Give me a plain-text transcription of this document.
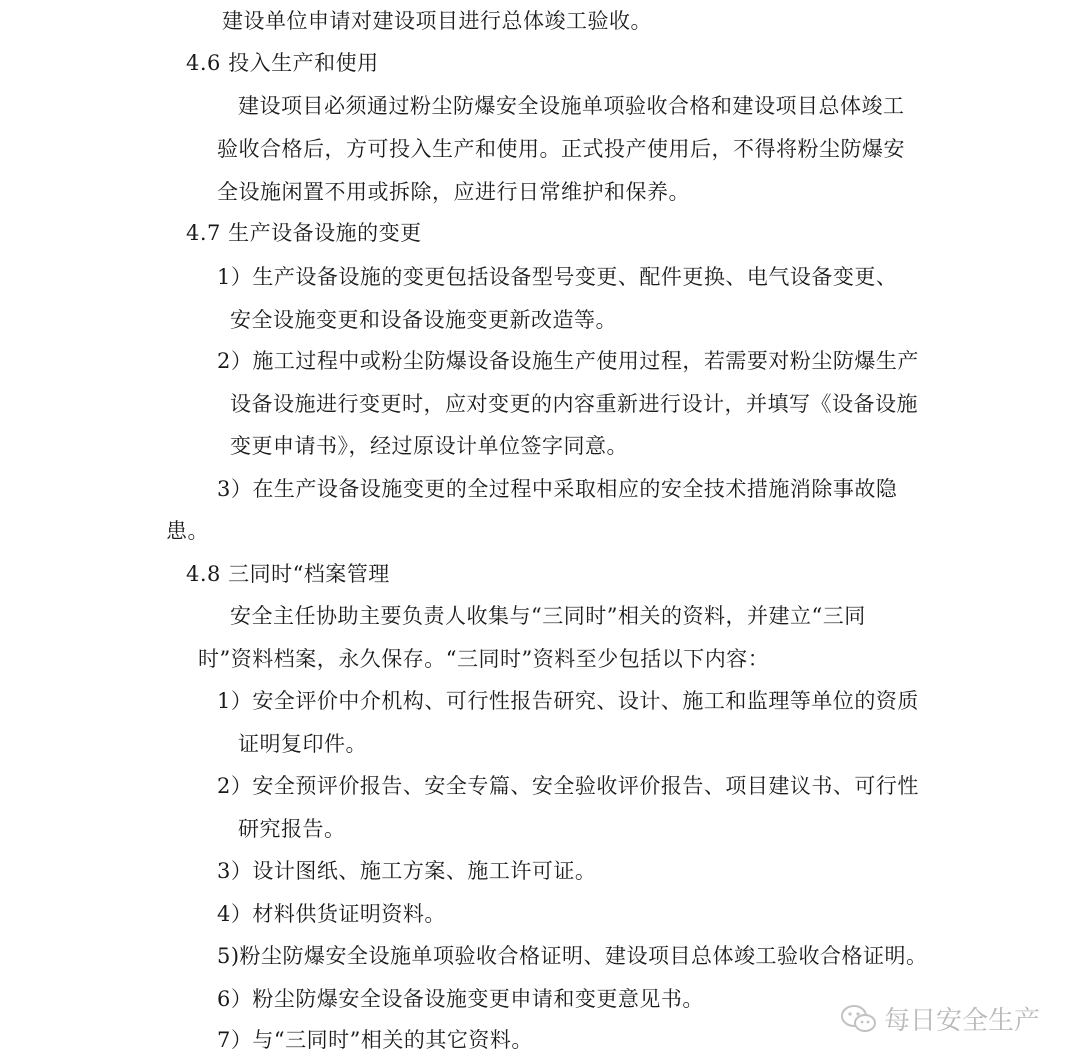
建设单位申请对建设项目进行总体竣工验收。
4.6 投入生产和使用
建设项目必须通过粉尘防爆安全设施单项验收合格和建设项目总体竣工
验收合格后，方可投入生产和使用。正式投产使用后，不得将粉尘防爆安
全设施闲置不用或拆除，应进行日常维护和保养。
4.7 生产设备设施的变更
1）生产设备设施的变更包括设备型号变更、配件更换、电气设备变更、
安全设施变更和设备设施变更新改造等。
2）施工过程中或粉尘防爆设备设施生产使用过程，若需要对粉尘防爆生产
设备设施进行变更时，应对变更的内容重新进行设计，并填写《设备设施
变更申请书》，经过原设计单位签字同意。
3）在生产设备设施变更的全过程中采取相应的安全技术措施消除事故隐
患。
4.8 三同时“档案管理
安全主任协助主要负责人收集与“三同时”相关的资料，并建立“三同
时”资料档案，永久保存。“三同时”资料至少包括以下内容：
1）安全评价中介机构、可行性报告研究、设计、施工和监理等单位的资质
证明复印件。
2）安全预评价报告、安全专篇、安全验收评价报告、项目建议书、可行性
研究报告。
3）设计图纸、施工方案、施工许可证。
4）材料供货证明资料。
5)粉尘防爆安全设施单项验收合格证明、建设项目总体竣工验收合格证明。
6）粉尘防爆安全设备设施变更申请和变更意见书。
7）与“三同时”相关的其它资料。
每日安全生产
